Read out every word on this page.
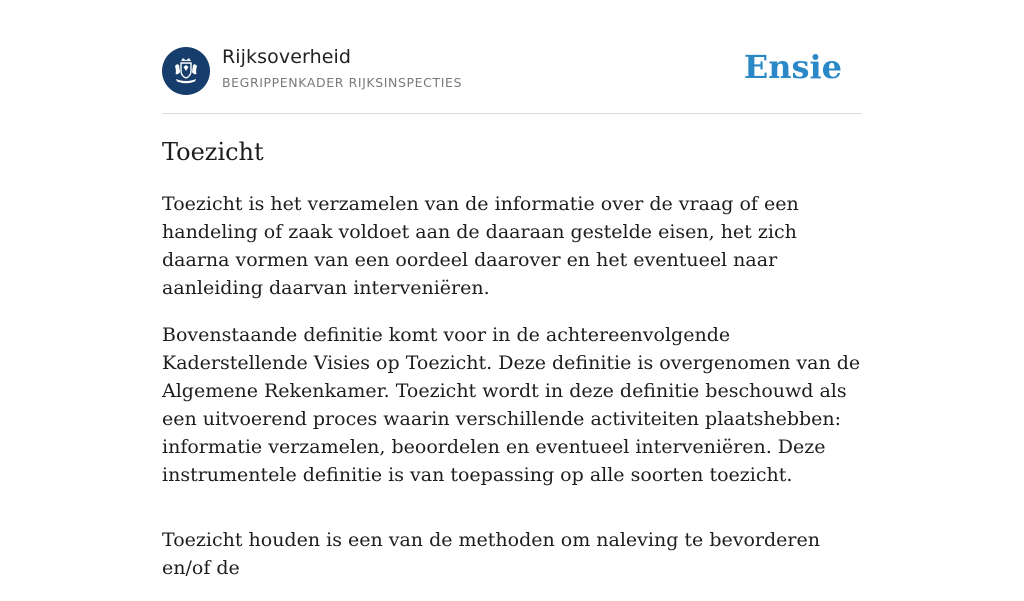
Rijksoverheid
BEGRIPPENKADER RIJKSINSPECTIES	Ensie
Toezicht

Toezicht is het verzamelen van de informatie over de vraag of een handeling of zaak voldoet aan de daaraan gestelde eisen, het zich daarna vormen van een oordeel daarover en het eventueel naar aanleiding daarvan interveniëren.

Bovenstaande definitie komt voor in de achtereenvolgende Kaderstellende Visies op Toezicht. Deze definitie is overgenomen van de Algemene Rekenkamer. Toezicht wordt in deze definitie beschouwd als een uitvoerend proces waarin verschillende activiteiten plaatshebben: informatie verzamelen, beoordelen en eventueel interveniëren. Deze instrumentele definitie is van toepassing op alle soorten toezicht.

Toezicht houden is een van de methoden om naleving te bevorderen en/of de
